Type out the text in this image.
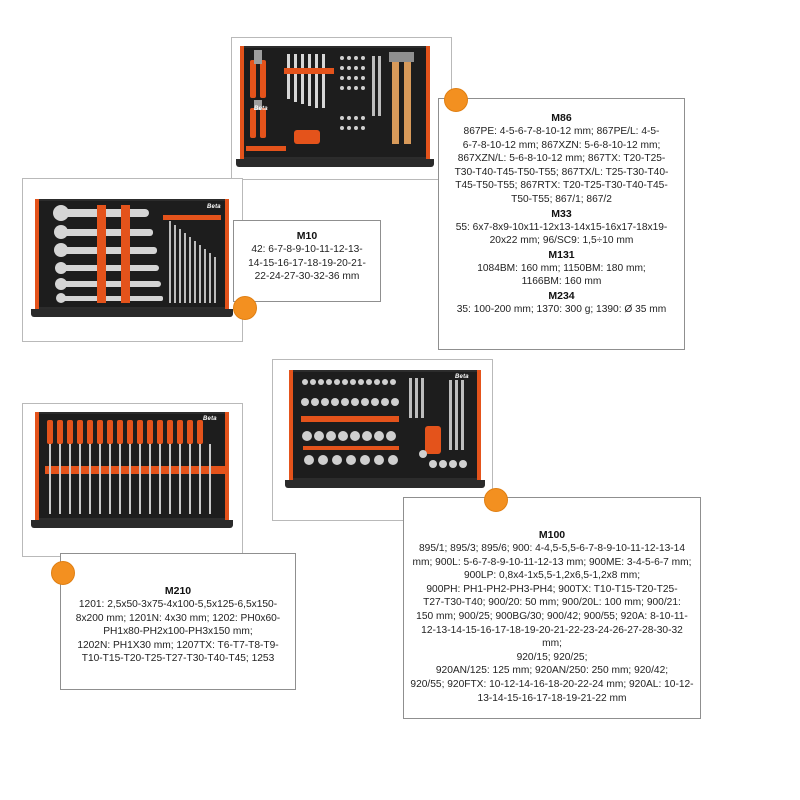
Beta
Beta
Beta
Beta
M86

867PE: 4-5-6-7-8-10-12 mm; 867PE/L: 4-5-

6-7-8-10-12 mm; 867XZN: 5-6-8-10-12 mm;

867XZN/L: 5-6-8-10-12 mm; 867TX: T20-T25-

T30-T40-T45-T50-T55; 867TX/L: T25-T30-T40-

T45-T50-T55; 867RTX: T20-T25-T30-T40-T45-

T50-T55; 867/1; 867/2

M33

55: 6x7-8x9-10x11-12x13-14x15-16x17-18x19-

20x22 mm; 96/SC9: 1,5÷10 mm

M131

1084BM: 160 mm; 1150BM: 180 mm;

1166BM: 160 mm

M234

35: 100-200 mm; 1370: 300 g; 1390: Ø 35 mm

M10

42: 6-7-8-9-10-11-12-13-

14-15-16-17-18-19-20-21-

22-24-27-30-32-36 mm

M100

895/1; 895/3; 895/6; 900: 4-4,5-5,5-6-7-8-9-10-11-12-13-14

mm; 900L: 5-6-7-8-9-10-11-12-13 mm; 900ME: 3-4-5-6-7 mm;

900LP: 0,8x4-1x5,5-1,2x6,5-1,2x8 mm;

900PH: PH1-PH2-PH3-PH4; 900TX: T10-T15-T20-T25-

T27-T30-T40; 900/20: 50 mm; 900/20L: 100 mm; 900/21:

150 mm; 900/25; 900BG/30; 900/42; 900/55; 920A: 8-10-11-

12-13-14-15-16-17-18-19-20-21-22-23-24-26-27-28-30-32 mm;

920/15; 920/25;

920AN/125: 125 mm; 920AN/250: 250 mm; 920/42;

920/55; 920FTX: 10-12-14-16-18-20-22-24 mm; 920AL: 10-12-

13-14-15-16-17-18-19-21-22 mm

M210

1201: 2,5x50-3x75-4x100-5,5x125-6,5x150-

8x200 mm; 1201N: 4x30 mm; 1202: PH0x60-

PH1x80-PH2x100-PH3x150 mm;

1202N: PH1X30 mm; 1207TX: T6-T7-T8-T9-

T10-T15-T20-T25-T27-T30-T40-T45; 1253
